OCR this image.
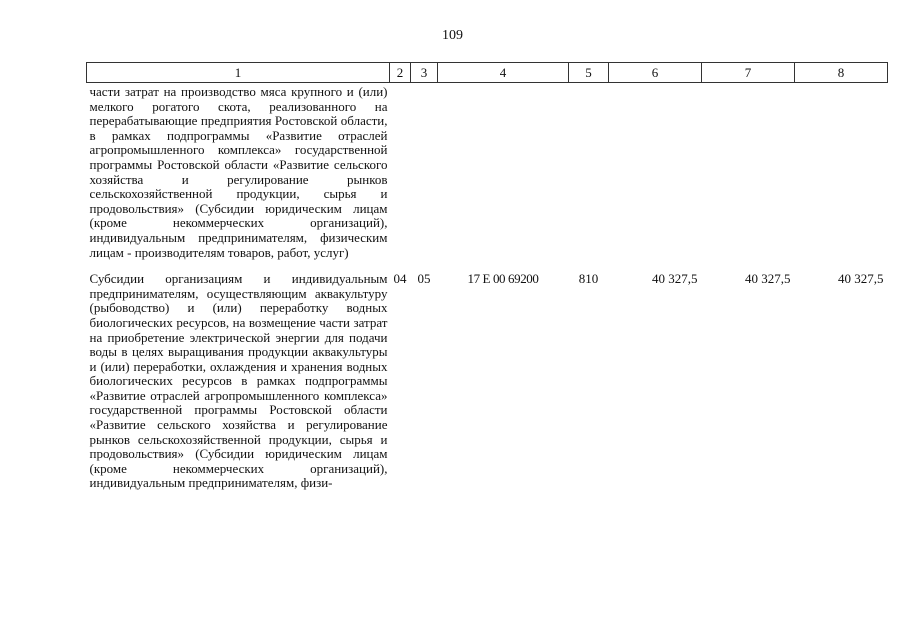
109
1	2	3	4	5	6	7	8
части затрат на производство мяса крупного и (или) мелкого рогатого скота, реализованного на перерабатывающие предприятия Ростовской области, в рамках подпрограммы «Развитие отраслей агропромышленного комплекса» государственной программы Ростовской области «Развитие сельского хозяйства и регулирование рынков сельскохозяйственной продукции, сырья и продовольствия» (Субсидии юридическим лицам (кроме некоммерческих организаций), индивидуальным предпринимателям, физическим лицам - производителям товаров, работ, услуг)							
Субсидии организациям и индивидуальным предпринимателям, осуществляющим аквакультуру (рыбоводство) и (или) переработку водных биологических ресурсов, на возмещение части затрат на приобретение электрической энергии для подачи воды в целях выращивания продукции аквакультуры и (или) переработки, охлаждения и хранения водных биологических ресурсов в рамках подпрограммы «Развитие отраслей агропромышленного комплекса» государственной программы Ростовской области «Развитие сельского хозяйства и регулирование рынков сельскохозяйственной продукции, сырья и продовольствия» (Субсидии юридическим лицам (кроме некоммерческих организаций), индивидуальным предпринимателям, физи-	04	05	17 Е 00 69200	810	40 327,5	40 327,5	40 327,5
